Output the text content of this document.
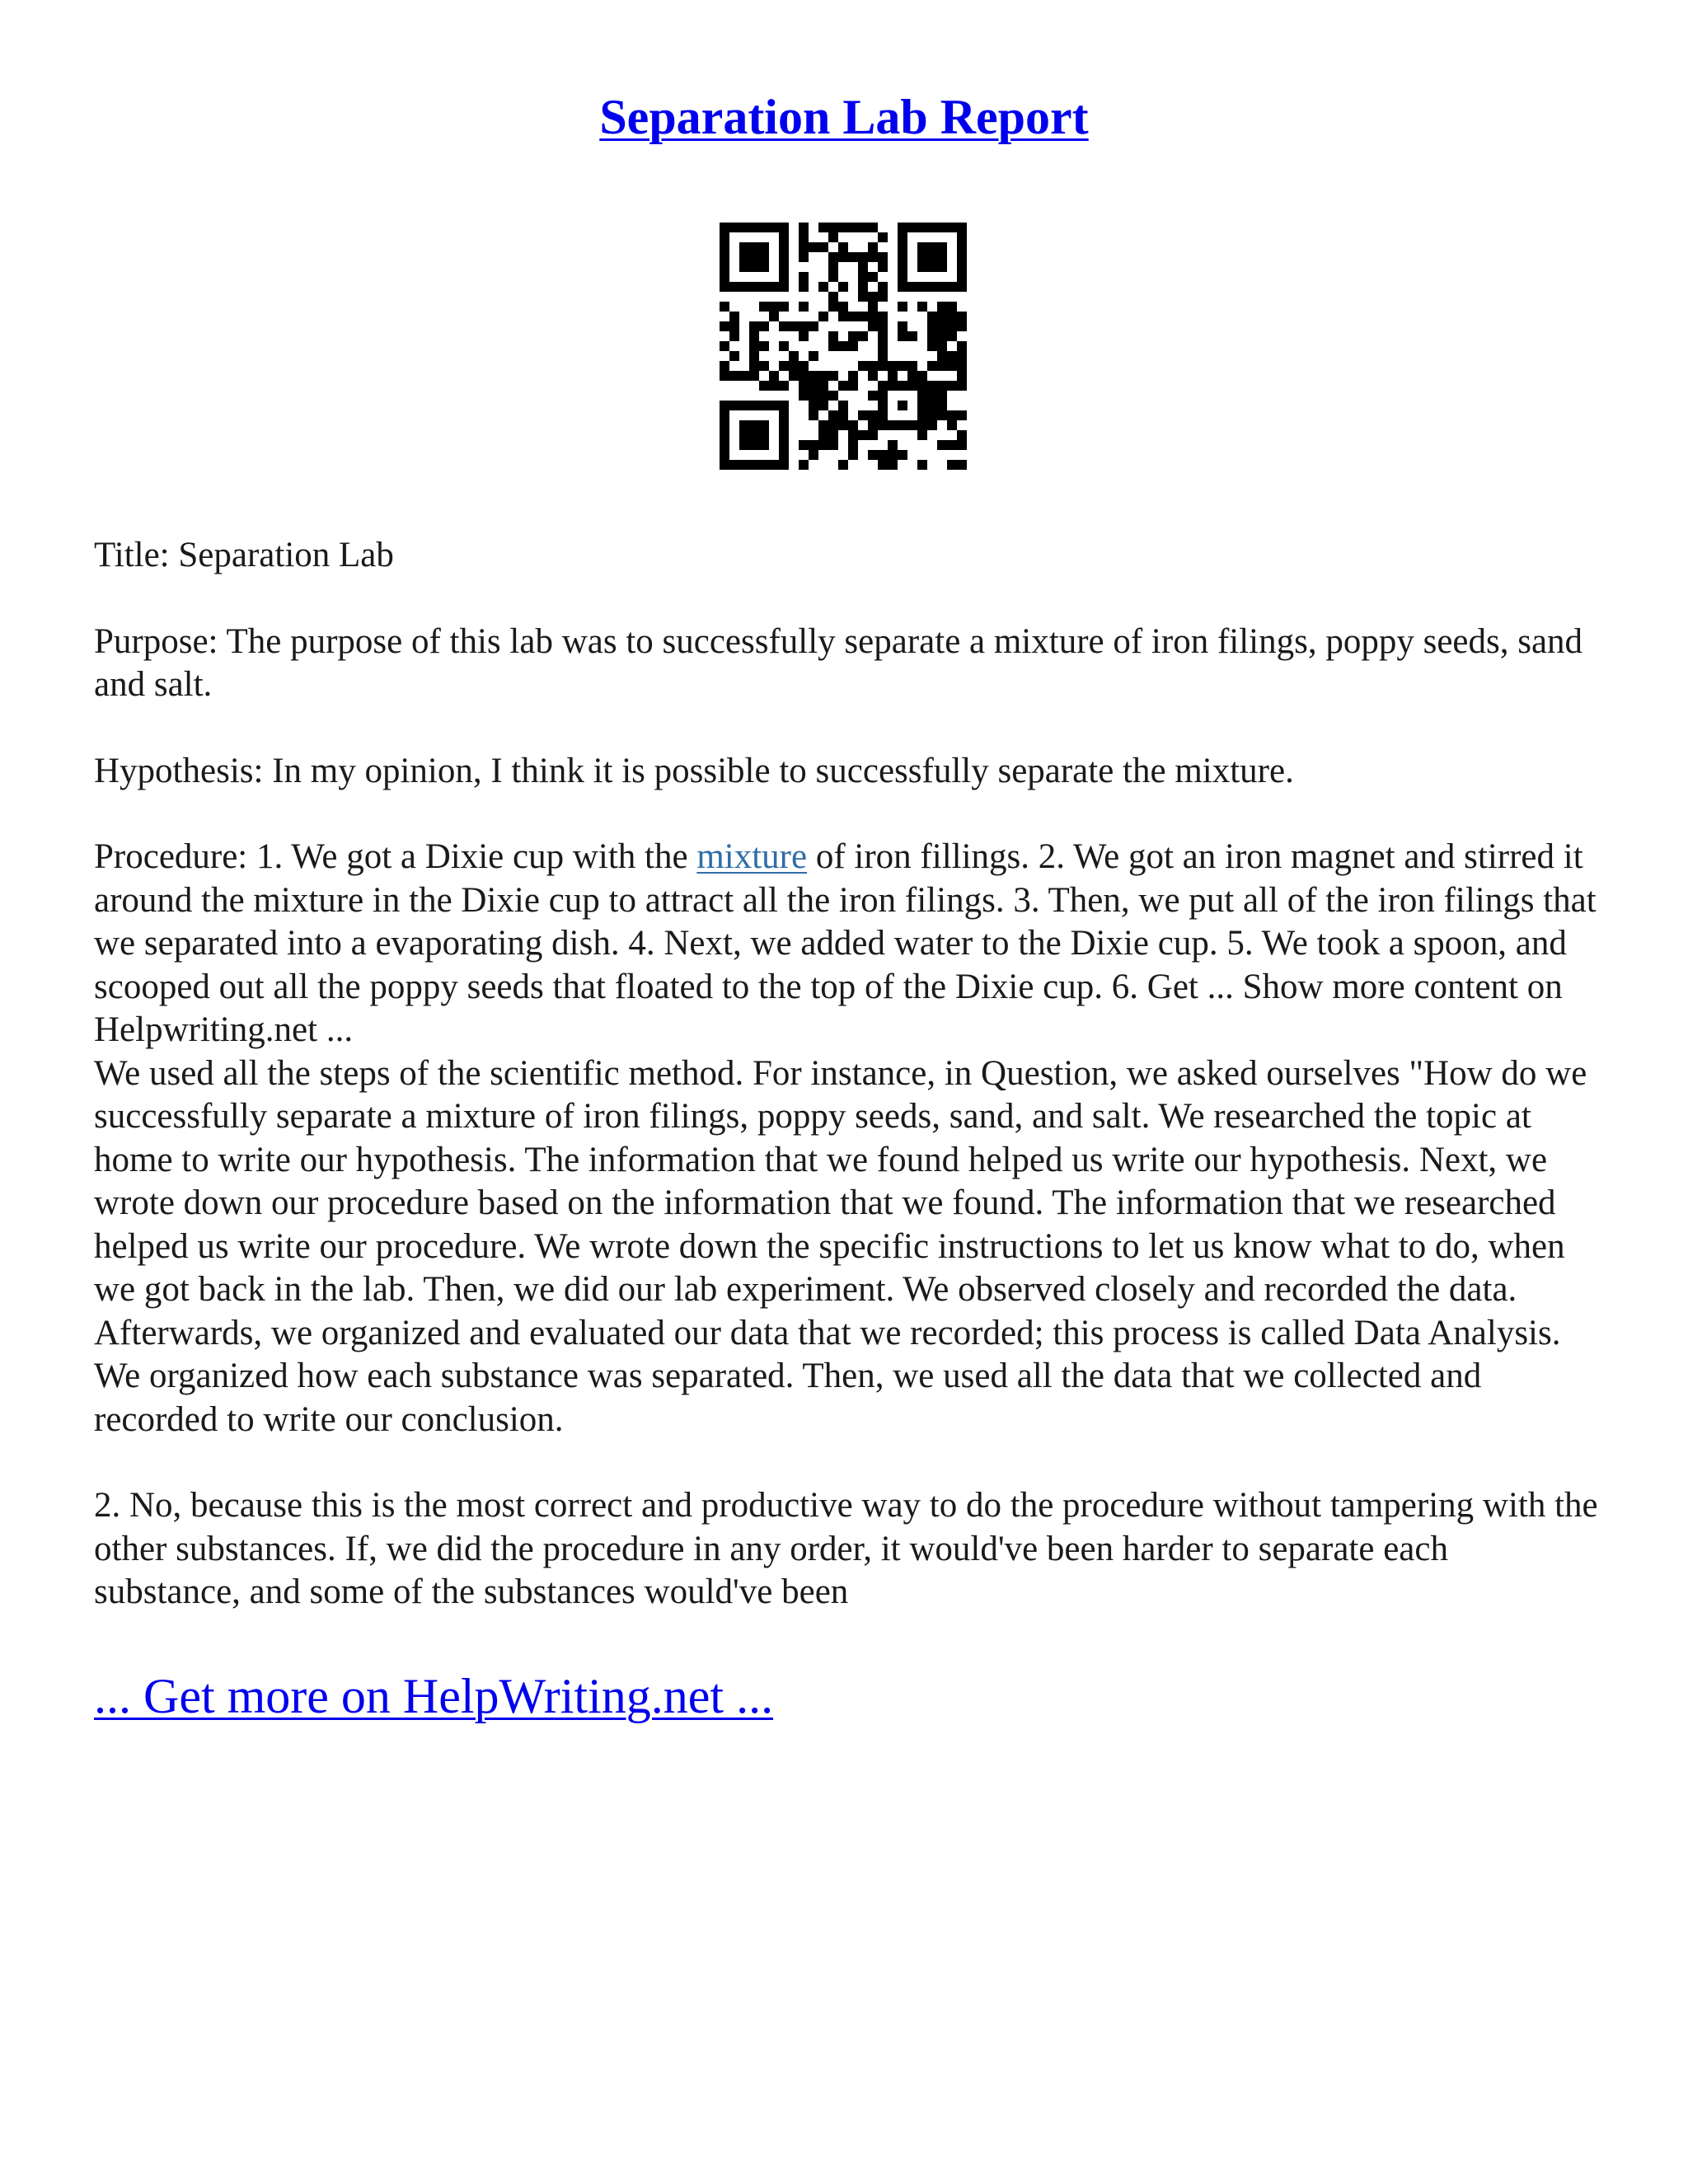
Separation Lab Report

Title: Separation Lab

Purpose: The purpose of this lab was to successfully separate a mixture of iron filings, poppy seeds, sand and salt.

Hypothesis: In my opinion, I think it is possible to successfully separate the mixture.

Procedure: 1. We got a Dixie cup with the mixture of iron fillings. 2. We got an iron magnet and stirred it around the mixture in the Dixie cup to attract all the iron filings. 3. Then, we put all of the iron filings that we separated into a evaporating dish. 4. Next, we added water to the Dixie cup. 5. We took a spoon, and scooped out all the poppy seeds that floated to the top of the Dixie cup. 6. Get ... Show more content on Helpwriting.net ...

We used all the steps of the scientific method. For instance, in Question, we asked ourselves "How do we successfully separate a mixture of iron filings, poppy seeds, sand, and salt. We researched the topic at home to write our hypothesis. The information that we found helped us write our hypothesis. Next, we wrote down our procedure based on the information that we found. The information that we researched helped us write our procedure. We wrote down the specific instructions to let us know what to do, when we got back in the lab. Then, we did our lab experiment. We observed closely and recorded the data. Afterwards, we organized and evaluated our data that we recorded; this process is called Data Analysis. We organized how each substance was separated. Then, we used all the data that we collected and recorded to write our conclusion.

2. No, because this is the most correct and productive way to do the procedure without tampering with the other substances. If, we did the procedure in any order, it would've been harder to separate each substance, and some of the substances would've been

... Get more on HelpWriting.net ...
